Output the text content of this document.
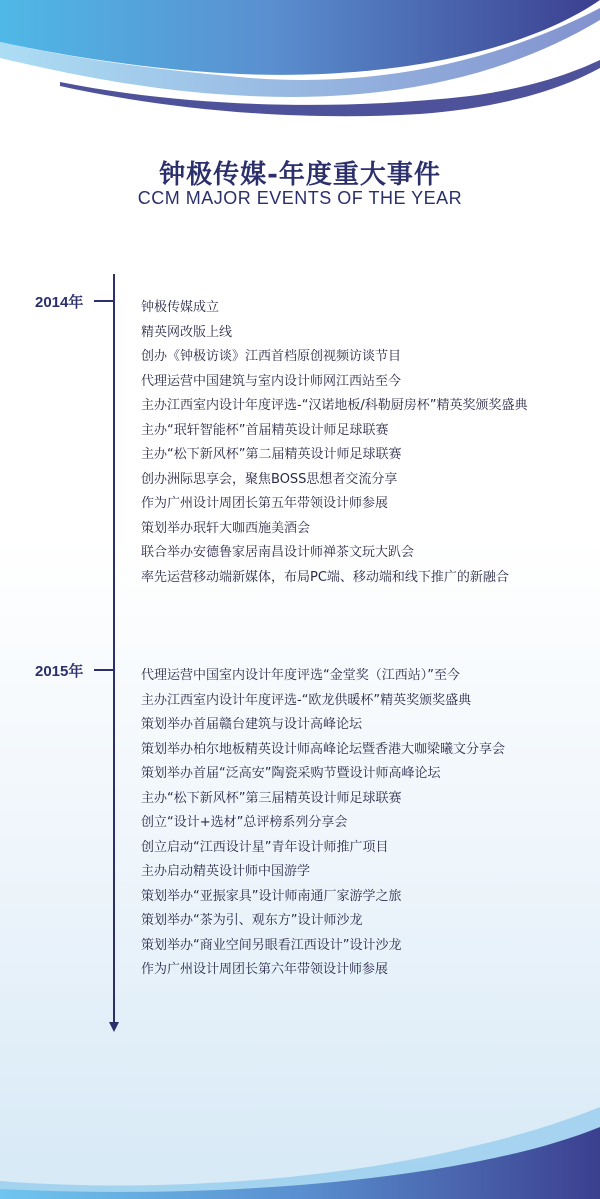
钟极传媒-年度重大事件
CCM MAJOR EVENTS OF THE YEAR
2014年	钟极传媒成立
精英网改版上线
创办《钟极访谈》江西首档原创视频访谈节目
代理运营中国建筑与室内设计师网江西站至今
主办江西室内设计年度评选-“汉诺地板/科勒厨房杯”精英奖颁奖盛典
主办“珉轩智能杯”首届精英设计师足球联赛
主办“松下新风杯”第二届精英设计师足球联赛
创办洲际思享会，聚焦BOSS思想者交流分享
作为广州设计周团长第五年带领设计师参展
策划举办珉轩大咖西施美酒会
联合举办安德鲁家居南昌设计师禅茶文玩大趴会
率先运营移动端新媒体，布局PC端、移动端和线下推广的新融合
2015年	代理运营中国室内设计年度评选“金堂奖（江西站）”至今
主办江西室内设计年度评选-“欧龙供暖杯”精英奖颁奖盛典
策划举办首届赣台建筑与设计高峰论坛
策划举办柏尔地板精英设计师高峰论坛暨香港大咖梁曦文分享会
策划举办首届“泛高安”陶瓷采购节暨设计师高峰论坛
主办“松下新风杯”第三届精英设计师足球联赛
创立“设计+选材”总评榜系列分享会
创立启动“江西设计星”青年设计师推广项目
主办启动精英设计师中国游学
策划举办“亚振家具”设计师南通厂家游学之旅
策划举办“茶为引、观东方”设计师沙龙
策划举办“商业空间另眼看江西设计”设计沙龙
作为广州设计周团长第六年带领设计师参展
